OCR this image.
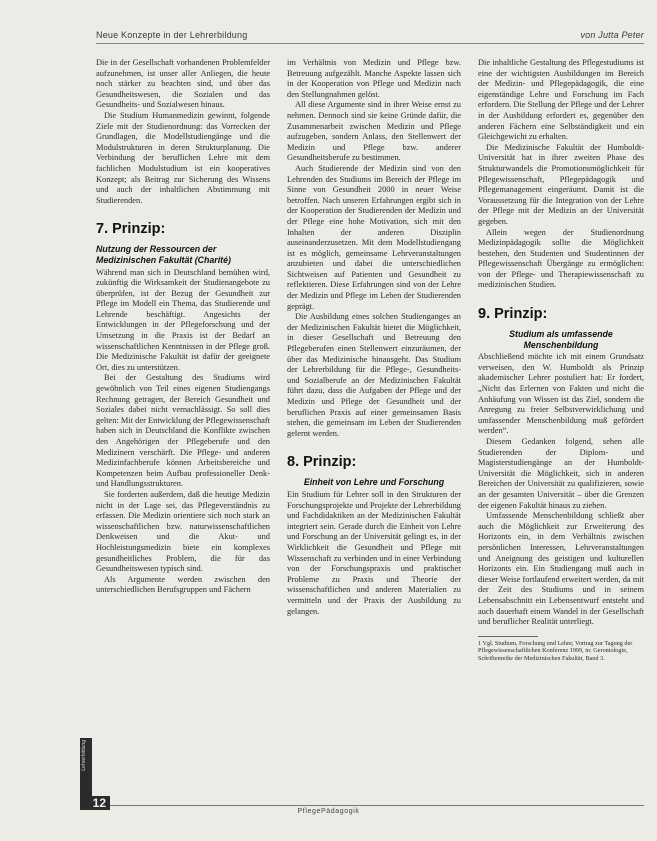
Neue Konzepte in der Lehrerbildung	von Jutta Peter

Die in der Gesellschaft vorhandenen Problemfelder aufzunehmen, ist unser aller Anliegen, die heute noch stärker zu beachten sind, und über das Gesundheitswesen, die Sozialen und das Gesundheits- und Sozialwesen hinaus.

Die Studium Humanmedizin gewinnt, folgende Ziele mit der Studienordnung: das Vorrecken der Grundlagen, die Modellstudiengänge und die Modulstrukturen in deren Strukturplanung. Die Verbindung der beruflichen Lehre mit dem fachlichen Modulstudium ist ein kooperatives Konzept; als Beitrag zur Sicherung des Wissens und auch der inhaltlichen Abstimmung mit Studierenden.

7. Prinzip:
Nutzung der Ressourcen der Medizinischen Fakultät (Charité)

Während man sich in Deutschland bemühen wird, zukünftig die Wirksamkeit der Studienangebote zu überprüfen, ist der Bezug der Gesundheit zur Pflege im Modell ein Thema, das Studierende und Lehrende beschäftigt. Angesichts der Entwicklungen in der Pflegeforschung und der Umsetzung in die Praxis ist der Bedarf an wissenschaftlichen Kenntnissen in der Pflege groß. Die Medizinische Fakultät ist dafür der geeignete Ort, dies zu unterstützen.

Bei der Gestaltung des Studiums wird gewöhnlich von Teil eines eigenen Studiengangs Rechnung getragen, der Bereich Gesundheit und Soziales dabei nicht vernachlässigt. So soll dies gelten: Mit der Entwicklung der Pflegewissenschaft haben sich in Deutschland die Konflikte zwischen den Angehörigen der Pflegeberufe und den Medizinern verschärft. Die Pflege- und anderen Medizinfachberufe können Arbeitsbereiche und Kompetenzen beim Aufbau professioneller Denk- und Handlungsstrukturen.

Sie forderten außerdem, daß die heutige Medizin nicht in der Lage sei, das Pflegeverständnis zu erfassen. Die Medizin orientiere sich noch stark an wissenschaftlichen bzw. naturwissenschaftlichen Denkweisen und die Akut- und Hochleistungsmedizin biete ein komplexes gesundheitliches Problem, die für das Gesundheitswesen typisch sind.

Als Argumente werden zwischen den unterschiedlichen Berufsgruppen und Fächern

im Verhältnis von Medizin und Pflege bzw. Betreuung aufgezählt. Manche Aspekte lassen sich in der Kooperation von Pflege und Medizin nach den Stellungnahmen gelöst.

All diese Argumente sind in ihrer Weise ernst zu nehmen. Dennoch sind sie keine Gründe dafür, die Zusammenarbeit zwischen Medizin und Pflege aufzugeben, sondern Anlass, den Stellenwert der Medizin und Pflege bzw. anderer Gesundheitsberufe zu bestimmen.

Auch Studierende der Medizin sind von den Lehrenden des Studiums im Bereich der Pflege im Sinne von Gesundheit 2000 in neuer Weise betroffen. Nach unseren Erfahrungen ergibt sich in der Kooperation der Studierenden der Medizin und der Pflege eine hohe Motivation, sich mit den Inhalten der anderen Disziplin auseinanderzusetzen. Mit dem Modellstudiengang ist es möglich, gemeinsame Lehrveranstaltungen anzubieten und dabei die unterschiedlichen Sichtweisen auf Patienten und Gesundheit zu reflektieren. Diese Erfahrungen sind von der Lehre der Medizin und Pflege im Leben der Studierenden geprägt.

Die Ausbildung eines solchen Studienganges an der Medizinischen Fakultät bietet die Möglichkeit, in dieser Gesellschaft und Betreuung den Pflegeberufen einen Stellenwert einzuräumen, der über das Medizinische hinausgeht. Das Studium der Lehrerbildung für die Pflege-, Gesundheits- und Sozialberufe an der Medizinischen Fakultät führt dazu, dass die Aufgaben der Pflege und der Medizin und Pflege der Gesundheit und der beruflichen Praxis auf einer gemeinsamen Basis stehen, die gemeinsam im Leben der Studierenden gelernt werden.

8. Prinzip:
Einheit von Lehre und Forschung

Ein Studium für Lehrer soll in den Strukturen der Forschungsprojekte und Projekte der Lehrerbildung und Fachdidaktiken an der Medizinischen Fakultät integriert sein. Gerade durch die Einheit von Lehre und Forschung an der Universität gelingt es, in der Wirklichkeit die Gesundheit und Pflege mit Wissenschaft zu verbinden und in einer Verbindung von der Forschungspraxis und praktischer Probleme zu Praxis und Theorie der wissenschaftlichen und anderen Materialien zu vermitteln und der Praxis der Ausbildung zu gelangen.

Die inhaltliche Gestaltung des Pflegestudiums ist eine der wichtigsten Ausbildungen im Bereich der Medizin- und Pflegepädagogik, die eine eigenständige Lehre und Forschung im Fach erfordern. Die Stellung der Pflege und der Lehrer in der Ausbildung erfordert es, gegenüber den anderen Fächern eine Selbständigkeit und ein Gleichgewicht zu erhalten.

Die Medizinische Fakultät der Humboldt-Universität hat in ihrer zweiten Phase des Strukturwandels die Promotionsmöglichkeit für Pflegewissenschaft, Pflegepädagogik und Pflegemanagement eingeräumt. Damit ist die Voraussetzung für die Integration von der Lehre der Pflege mit der Medizin an der Universität gegeben.

Allein wegen der Studienordnung Medizinpädagogik sollte die Möglichkeit bestehen, den Studenten und Studentinnen der Pflegewissenschaft Übergänge zu ermöglichen: von der Pflege- und Therapiewissenschaft zu medizinischen Studien.

9. Prinzip:
Studium als umfassende Menschenbildung

Abschließend möchte ich mit einem Grundsatz verweisen, den W. Humboldt als Prinzip akademischer Lehrer postuliert hat: Er fordert, „Nicht das Erlernen von Fakten und nicht die Anhäufung von Wissen ist das Ziel, sondern die Anregung zu freier Selbstverwirklichung und umfassender Menschenbildung muß gefördert werden“.

Diesem Gedanken folgend, sehen alle Studierenden der Diplom- und Magisterstudiengänge an der Humboldt-Universität die Möglichkeit, sich in anderen Bereichen der Universität zu qualifizieren, sowie an der gesamten Universität – über die Grenzen der eigenen Fakultät hinaus zu ziehen.

Umfassende Menschenbildung schließt aber auch die Möglichkeit zur Erweiterung des Horizonts ein, in dem Verhältnis zwischen persönlichen Interessen, Lehrveranstaltungen und Aneignung des geistigen und kulturellen Horizonts ein. Ein Studiengang muß auch in dieser Weise fortlaufend erweitert werden, da mit der Zeit des Studiums und in seinem Lebensabschnitt ein Lebensentwurf entsteht und auch dauerhaft einem Wandel in der Gesellschaft und beruflicher Realität unterliegt.

1 Vgl. Studium, Forschung und Lehre; Vortrag zur Tagung der Pflegewissenschaftlichen Konferenz 1999, in: Gerontologie, Schriftenreihe der Medizinischen Fakultät, Band 3.
Lehrerbildung
12
PflegePädagogik
